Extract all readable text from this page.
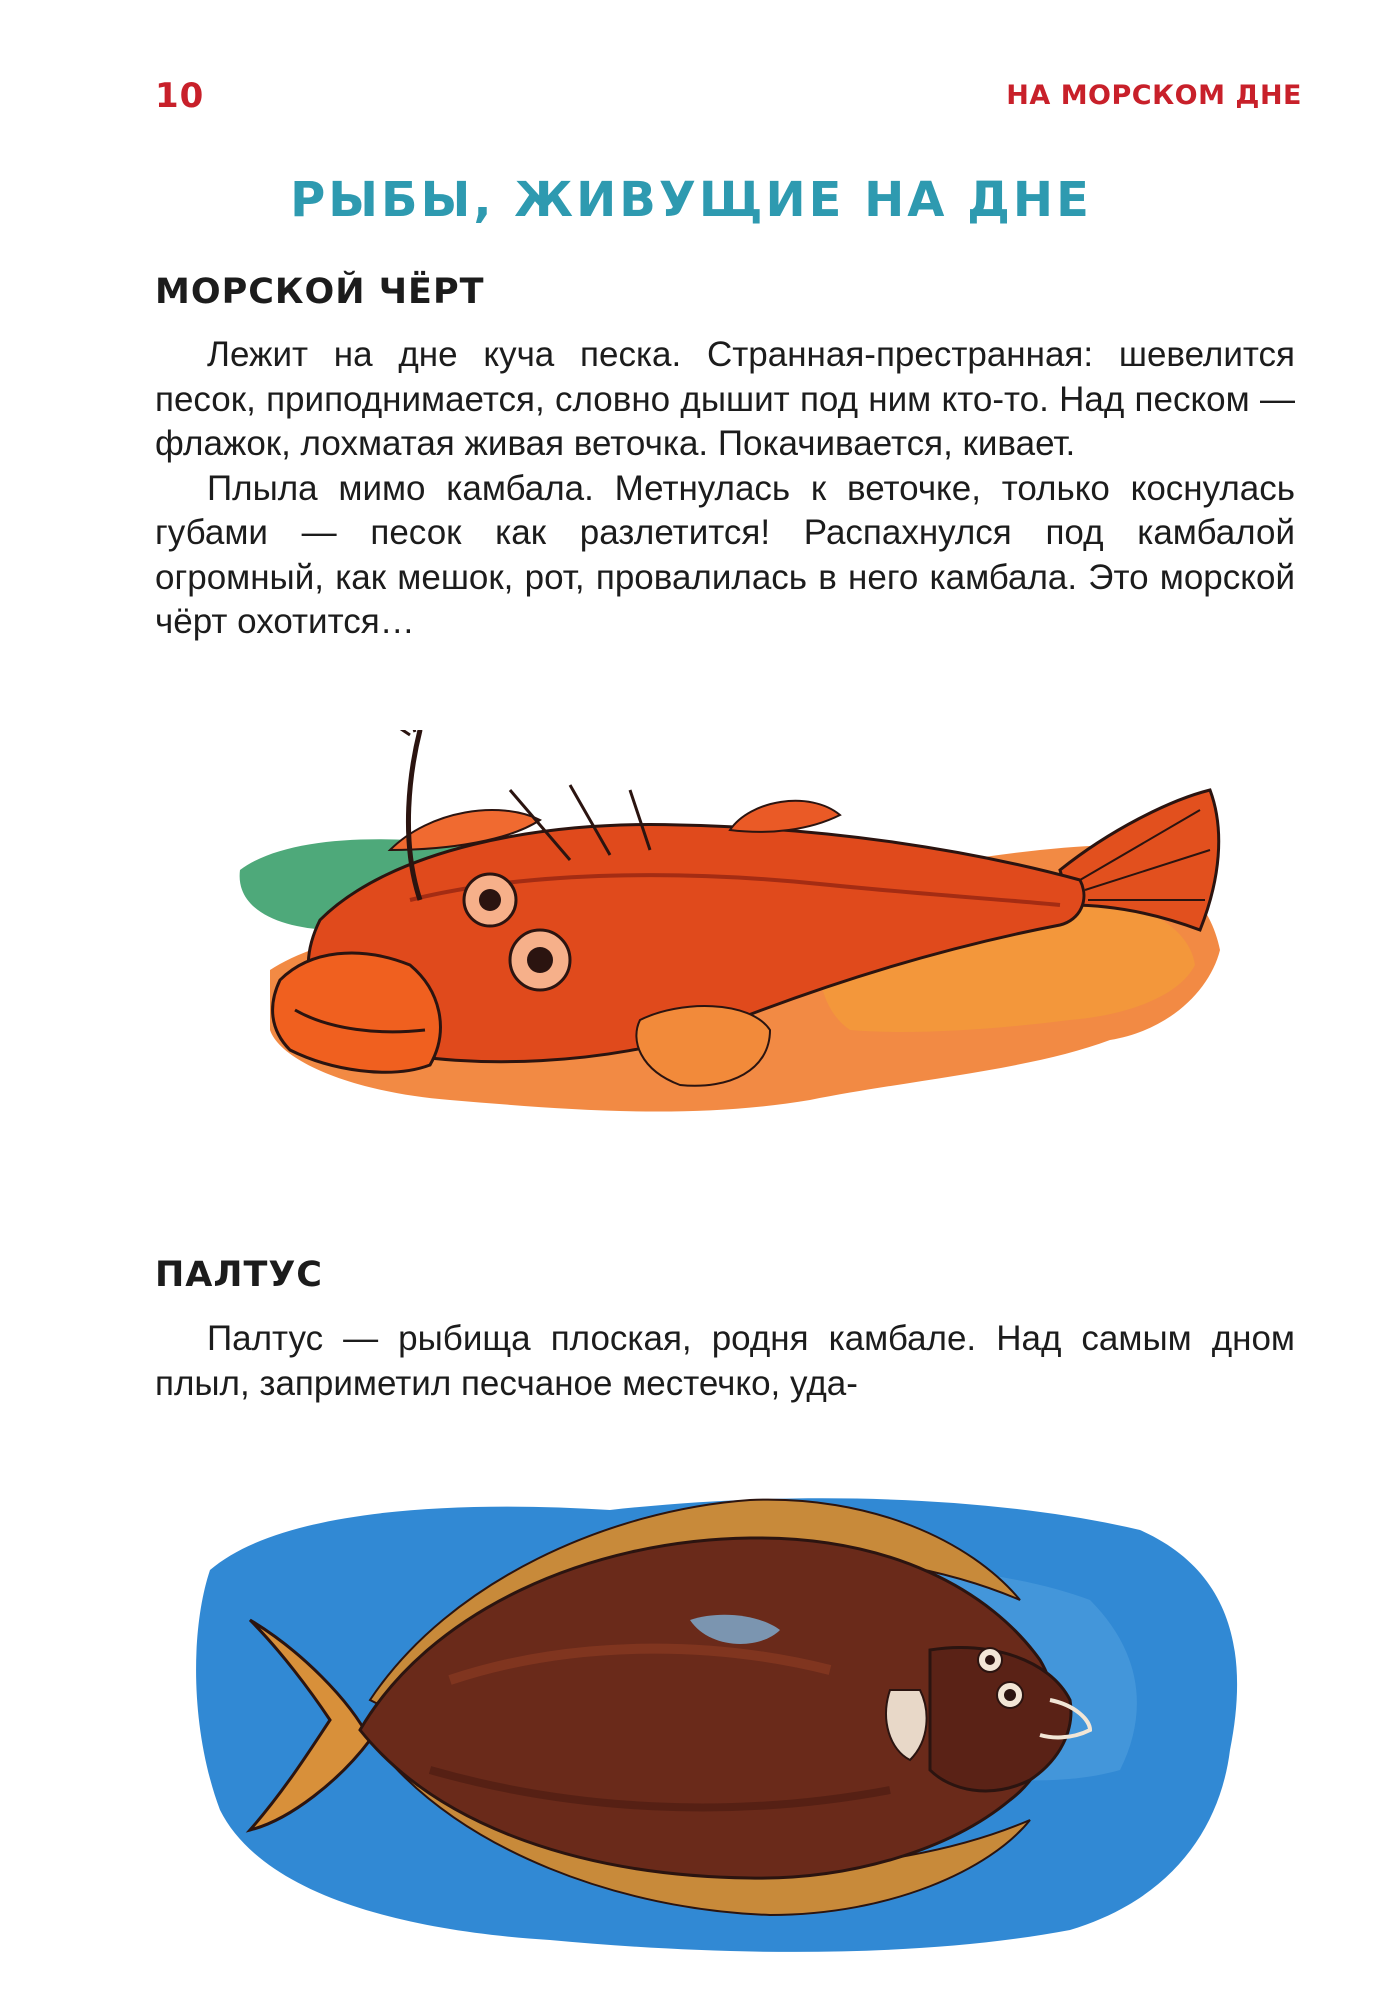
10	НА МОРСКОМ ДНЕ
РЫБЫ, ЖИВУЩИЕ НА ДНЕ
МОРСКОЙ ЧЁРТ

Лежит на дне куча песка. Странная-престранная: шевелится песок, приподнимается, словно дышит под ним кто-то. Над песком — флажок, лохматая живая веточка. Покачивается, кивает.

Плыла мимо камбала. Метнулась к веточке, только коснулась губами — песок как разлетится! Распахнулся под камбалой огромный, как мешок, рот, провалилась в него камбала. Это морской чёрт охотится…

ПАЛТУС

Палтус — рыбища плоская, родня камбале. Над самым дном плыл, заприметил песчаное местечко, уда-
